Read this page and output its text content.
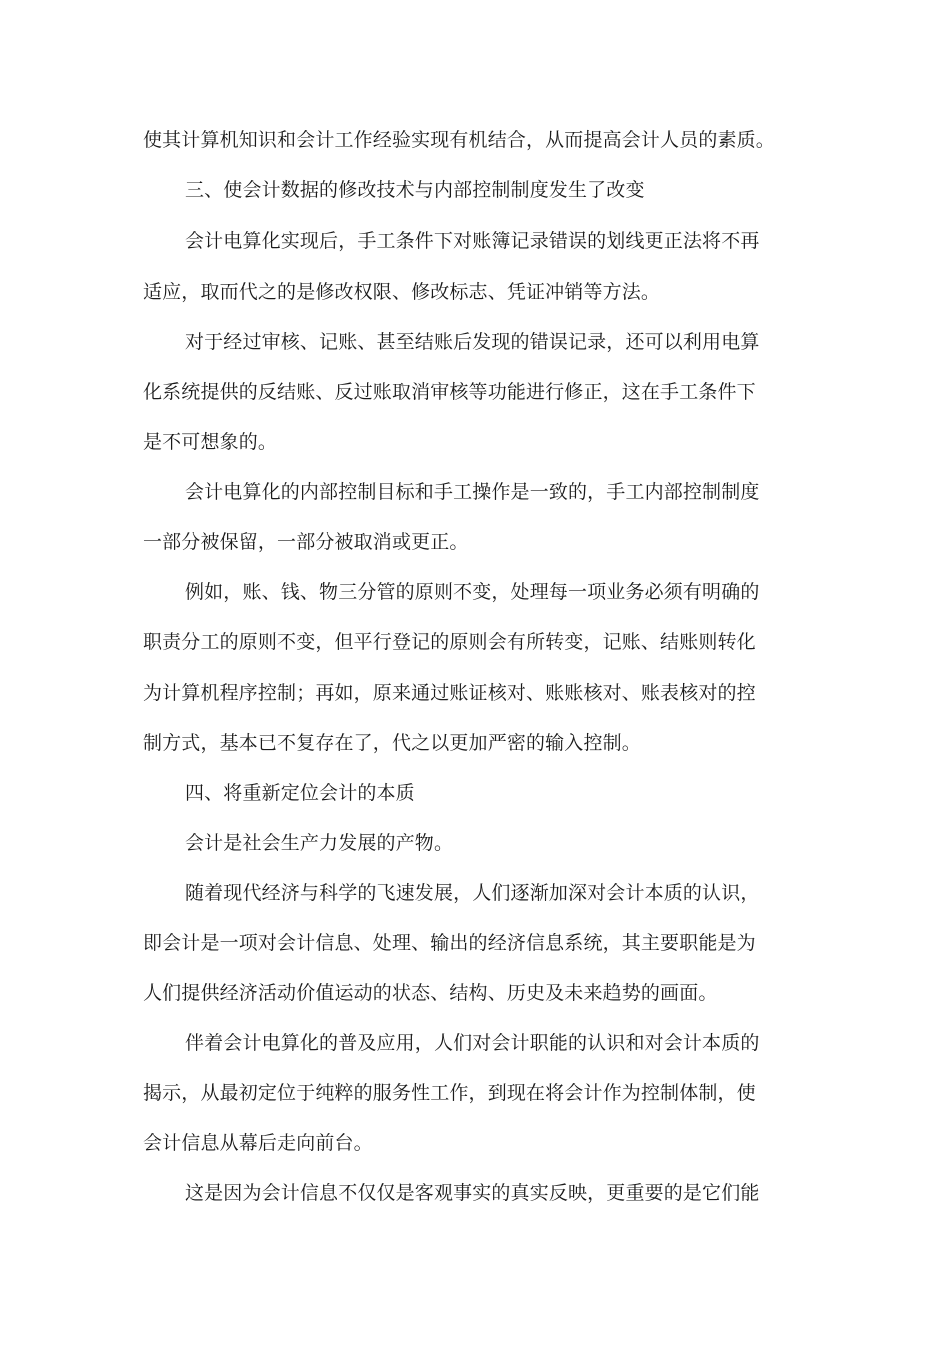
使其计算机知识和会计工作经验实现有机结合，从而提高会计人员的素质。

三、使会计数据的修改技术与内部控制制度发生了改变

会计电算化实现后，手工条件下对账簿记录错误的划线更正法将不再

适应，取而代之的是修改权限、修改标志、凭证冲销等方法。

对于经过审核、记账、甚至结账后发现的错误记录，还可以利用电算

化系统提供的反结账、反过账取消审核等功能进行修正，这在手工条件下

是不可想象的。

会计电算化的内部控制目标和手工操作是一致的，手工内部控制制度

一部分被保留，一部分被取消或更正。

例如，账、钱、物三分管的原则不变，处理每一项业务必须有明确的

职责分工的原则不变，但平行登记的原则会有所转变，记账、结账则转化

为计算机程序控制；再如，原来通过账证核对、账账核对、账表核对的控

制方式，基本已不复存在了，代之以更加严密的输入控制。

四、将重新定位会计的本质

会计是社会生产力发展的产物。

随着现代经济与科学的飞速发展，人们逐渐加深对会计本质的认识，

即会计是一项对会计信息、处理、输出的经济信息系统，其主要职能是为

人们提供经济活动价值运动的状态、结构、历史及未来趋势的画面。

伴着会计电算化的普及应用，人们对会计职能的认识和对会计本质的

揭示，从最初定位于纯粹的服务性工作，到现在将会计作为控制体制，使

会计信息从幕后走向前台。

这是因为会计信息不仅仅是客观事实的真实反映，更重要的是它们能
